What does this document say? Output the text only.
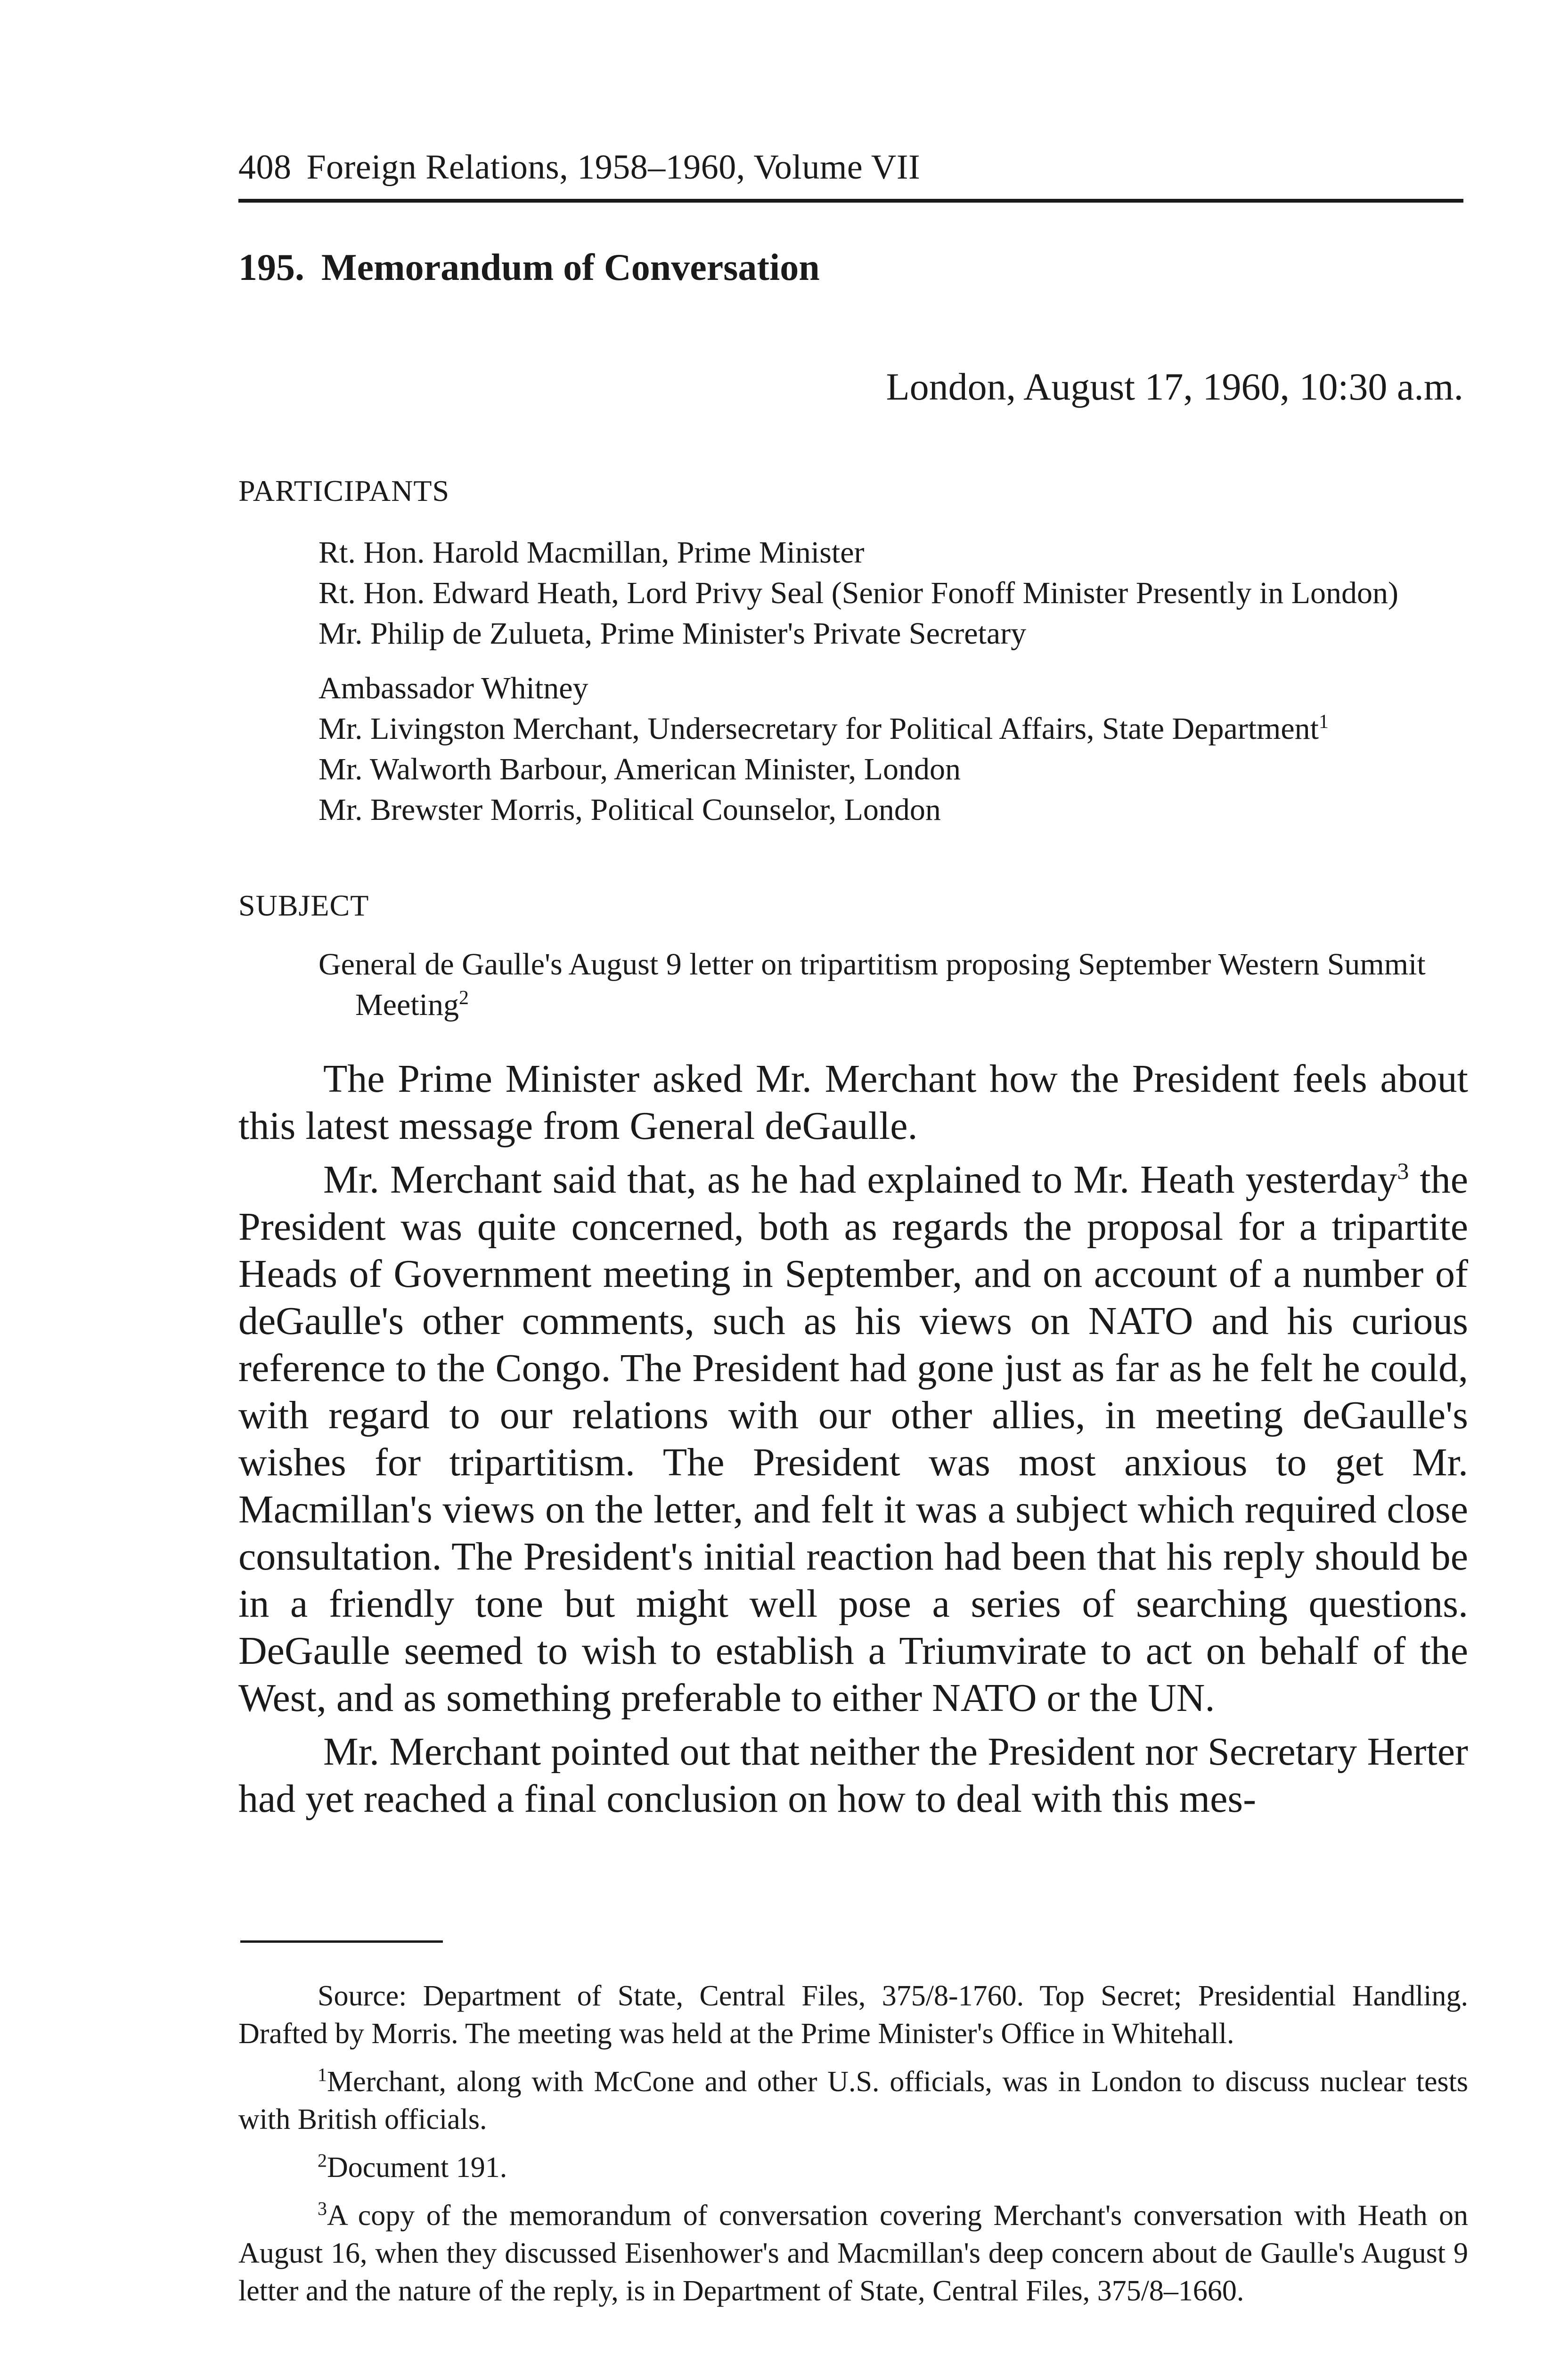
408 Foreign Relations, 1958–1960, Volume VII
195. Memorandum of Conversation
London, August 17, 1960, 10:30 a.m.
PARTICIPANTS
Rt. Hon. Harold Macmillan, Prime Minister
Rt. Hon. Edward Heath, Lord Privy Seal (Senior Fonoff Minister Presently in London)
Mr. Philip de Zulueta, Prime Minister's Private Secretary
Ambassador Whitney
Mr. Livingston Merchant, Undersecretary for Political Affairs, State Department$^1$
Mr. Walworth Barbour, American Minister, London
Mr. Brewster Morris, Political Counselor, London
SUBJECT
General de Gaulle's August 9 letter on tripartitism proposing September Western Summit Meeting$^2$

The Prime Minister asked Mr. Merchant how the President feels about this latest message from General deGaulle.

Mr. Merchant said that, as he had explained to Mr. Heath yesterday$^3$ the President was quite concerned, both as regards the proposal for a tripartite Heads of Government meeting in September, and on account of a number of deGaulle's other comments, such as his views on NATO and his curious reference to the Congo. The President had gone just as far as he felt he could, with regard to our relations with our other allies, in meeting deGaulle's wishes for tripartitism. The President was most anxious to get Mr. Macmillan's views on the letter, and felt it was a subject which required close consultation. The President's initial reaction had been that his reply should be in a friendly tone but might well pose a series of searching questions. DeGaulle seemed to wish to establish a Triumvirate to act on behalf of the West, and as something preferable to either NATO or the UN.

Mr. Merchant pointed out that neither the President nor Secretary Herter had yet reached a final conclusion on how to deal with this mes-

Source: Department of State, Central Files, 375/8-1760. Top Secret; Presidential Handling. Drafted by Morris. The meeting was held at the Prime Minister's Office in Whitehall.

$^1$Merchant, along with McCone and other U.S. officials, was in London to discuss nuclear tests with British officials.

$^2$Document 191.

$^3$A copy of the memorandum of conversation covering Merchant's conversation with Heath on August 16, when they discussed Eisenhower's and Macmillan's deep concern about de Gaulle's August 9 letter and the nature of the reply, is in Department of State, Central Files, 375/8–1660.
